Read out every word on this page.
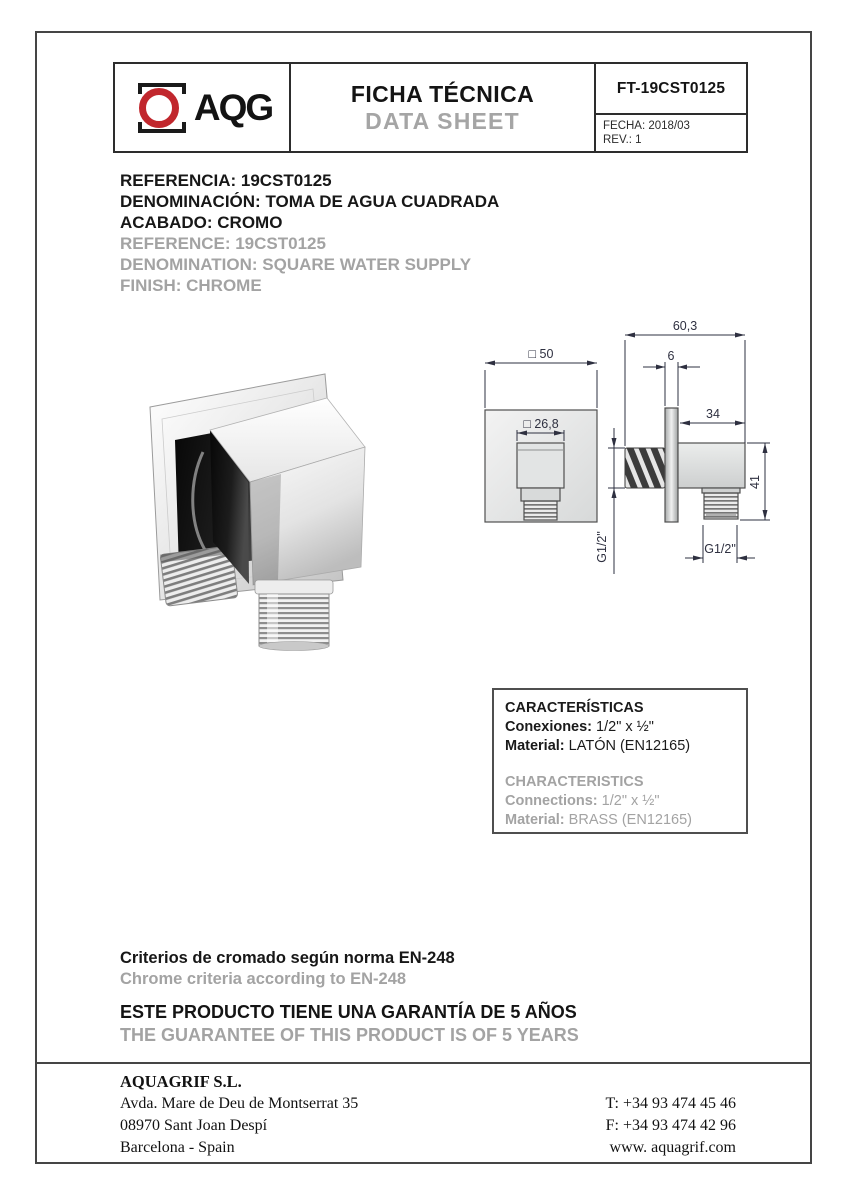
AQG	FICHA TÉCNICA
DATA SHEET
FT-19CST0125
FECHA: 2018/03
REV.: 1
REFERENCIA: 19CST0125
DENOMINACIÓN: TOMA DE AGUA CUADRADA
ACABADO: CROMO
REFERENCE: 19CST0125
DENOMINATION: SQUARE WATER SUPPLY
FINISH: CHROME
□ 50
□ 26,8
60,3
6
34
41
G1/2"	G1/2"
CARACTERÍSTICAS
Conexiones: 1/2" x ½"
Material: LATÓN (EN12165)
CHARACTERISTICS
Connections: 1/2" x ½"
Material: BRASS (EN12165)
Criterios de cromado según norma EN-248
Chrome criteria according to EN-248
ESTE PRODUCTO TIENE UNA GARANTÍA DE 5 AÑOS
THE GUARANTEE OF THIS PRODUCT IS OF 5 YEARS
AQUAGRIF S.L.
Avda. Mare de Deu de Montserrat 35
08970 Sant Joan Despí
Barcelona - Spain
T: +34 93 474 45 46
F: +34 93 474 42 96
www. aquagrif.com
